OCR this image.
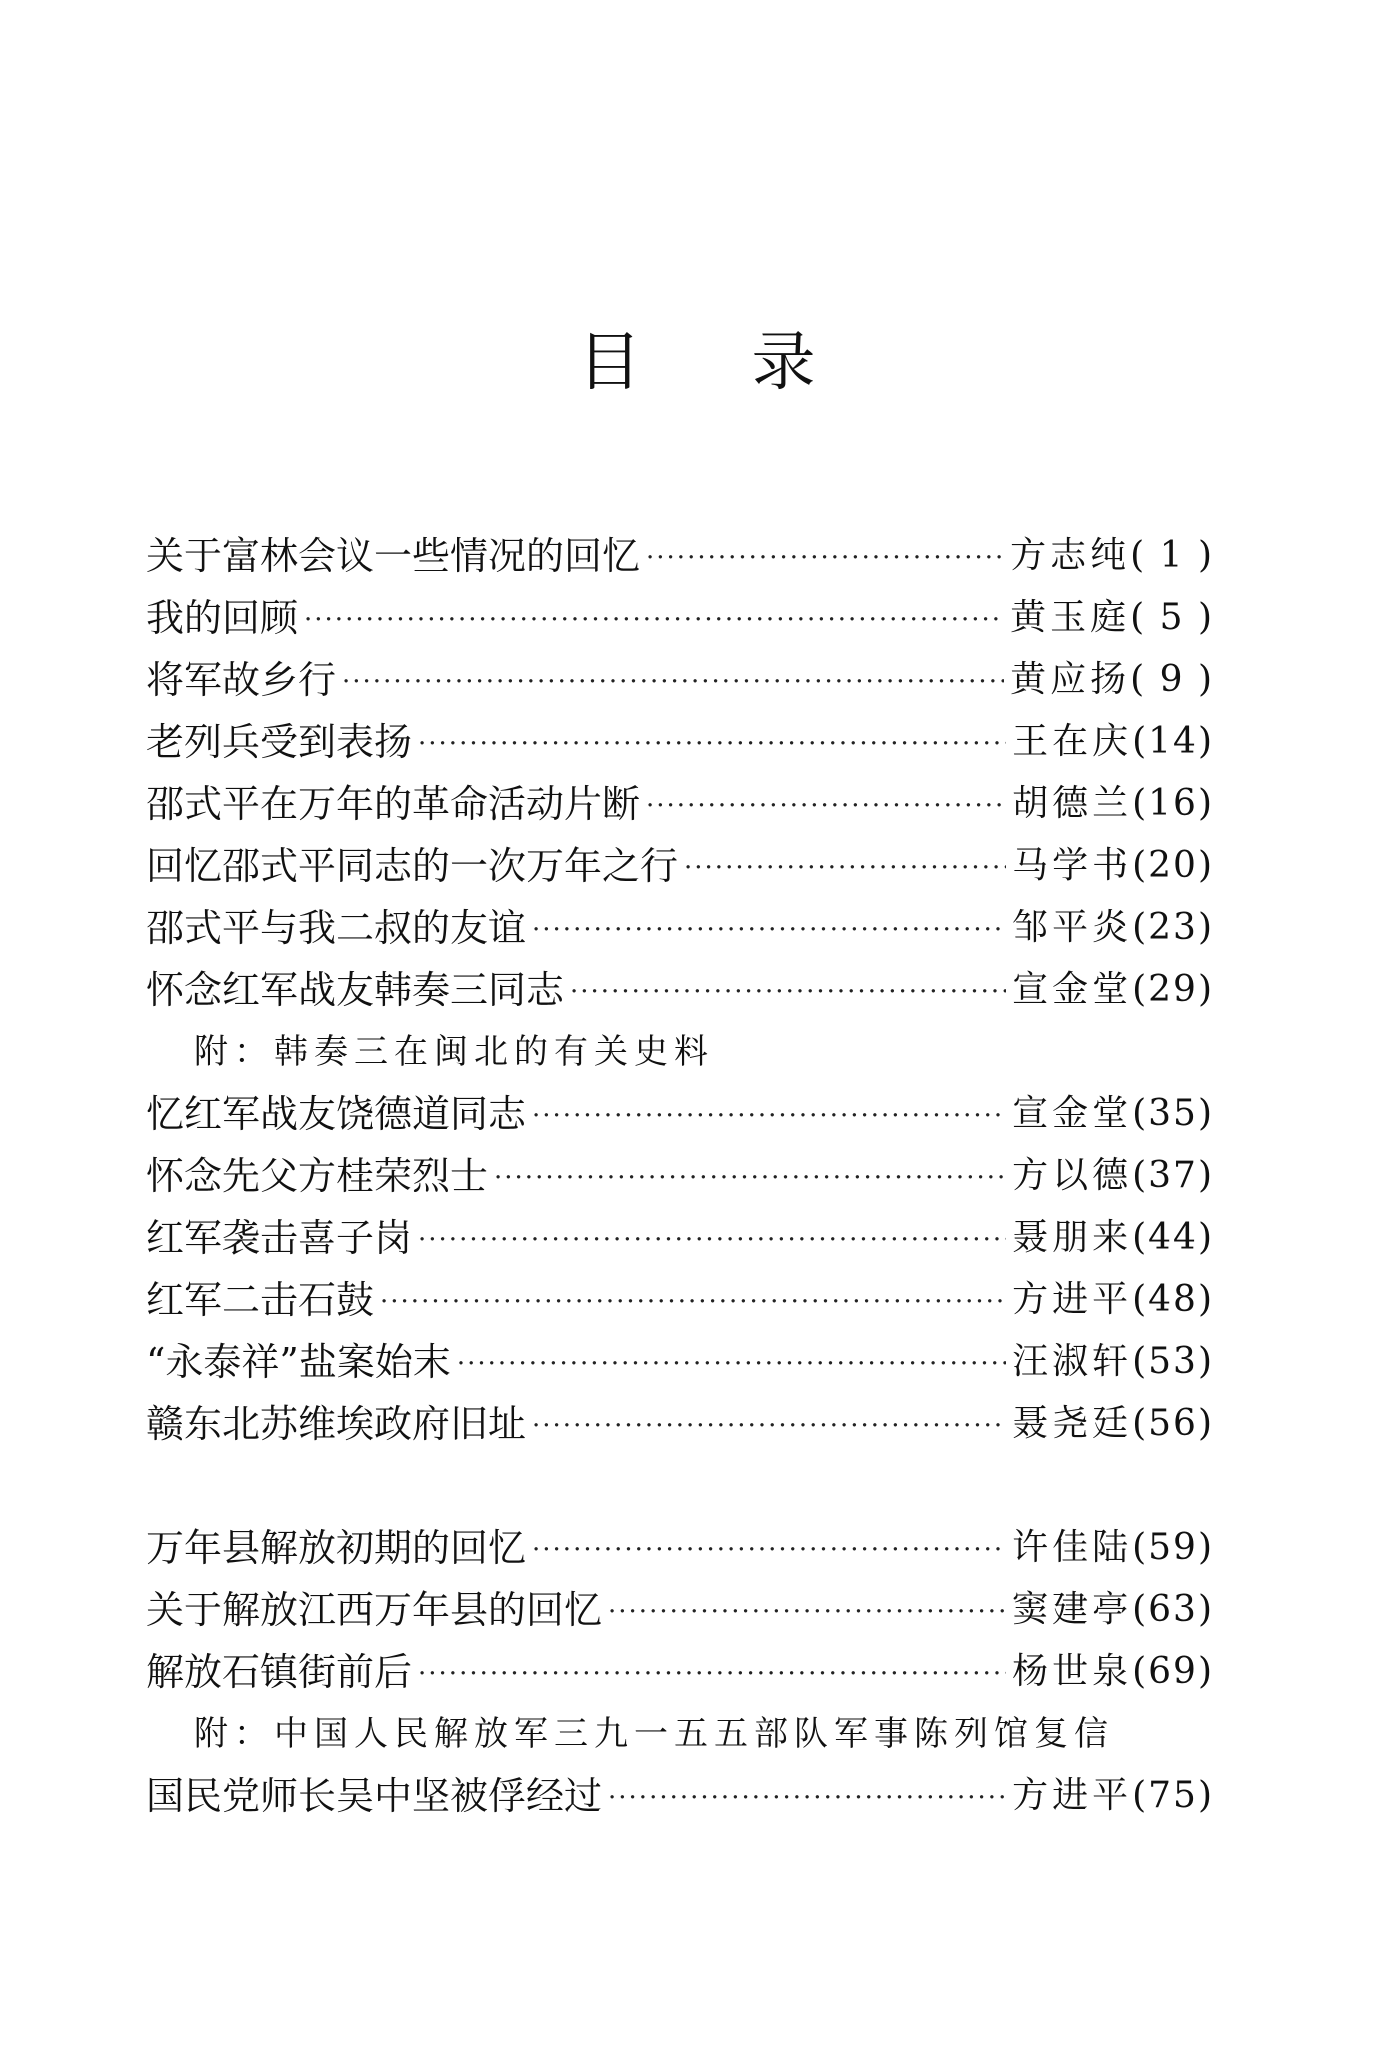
目 录
关于富林会议一些情况的回忆 ·····	方志纯 ( 1 )
我的回顾 ·····	黄玉庭 ( 5 )
将军故乡行 ·····	黄应扬 ( 9 )
老列兵受到表扬 ·····	王在庆 (14)
邵式平在万年的革命活动片断 ·····	胡德兰 (16)
回忆邵式平同志的一次万年之行 ·····	马学书 (20)
邵式平与我二叔的友谊 ·····	邹平炎 (23)
怀念红军战友韩奏三同志 ·····	宣金堂 (29)
附：韩奏三在闽北的有关史料
忆红军战友饶德道同志 ·····	宣金堂 (35)
怀念先父方桂荣烈士 ·····	方以德 (37)
红军袭击喜子岗 ·····	聂朋来 (44)
红军二击石鼓 ·····	方进平 (48)
“永泰祥”盐案始末 ·····	汪淑轩 (53)
赣东北苏维埃政府旧址 ·····	聂尧廷 (56)
万年县解放初期的回忆 ·····	许佳陆 (59)
关于解放江西万年县的回忆 ·····	窦建亭 (63)
解放石镇街前后 ·····	杨世泉 (69)
附：中国人民解放军三九一五五部队军事陈列馆复信
国民党师长吴中坚被俘经过 ·····	方进平 (75)
